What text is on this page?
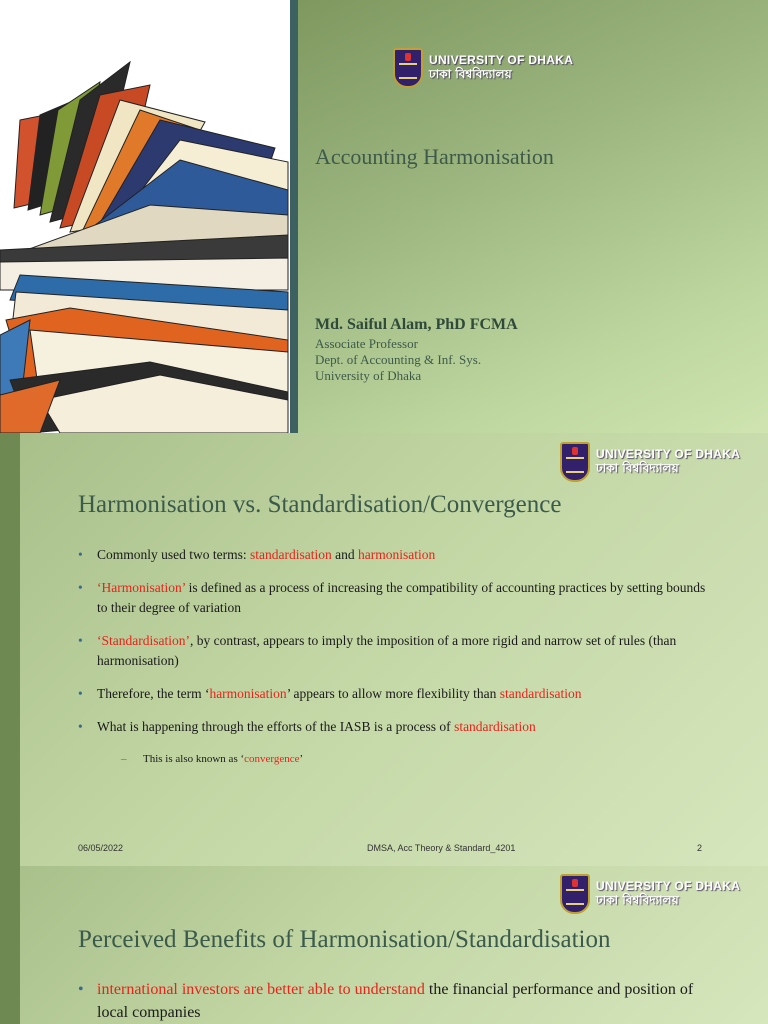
UNIVERSITY OF DHAKA
ঢাকা বিশ্ববিদ্যালয়
Accounting Harmonisation
Md. Saiful Alam, PhD FCMA
Associate Professor
Dept. of Accounting & Inf. Sys.
University of Dhaka
UNIVERSITY OF DHAKA
ঢাকা বিশ্ববিদ্যালয়
Harmonisation vs. Standardisation/Convergence
• Commonly used two terms: standardisation and harmonisation
• ‘Harmonisation’ is defined as a process of increasing the compatibility of accounting practices by setting bounds to their degree of variation
• ‘Standardisation’, by contrast, appears to imply the imposition of a more rigid and narrow set of rules (than harmonisation)
• Therefore, the term ‘harmonisation’ appears to allow more flexibility than standardisation
• What is happening through the efforts of the IASB is a process of standardisation
– This is also known as ‘convergence’
06/05/2022	DMSA, Acc Theory & Standard_4201	2
UNIVERSITY OF DHAKA
ঢাকা বিশ্ববিদ্যালয়
Perceived Benefits of Harmonisation/Standardisation
• international investors are better able to understand the financial performance and position of local companies
